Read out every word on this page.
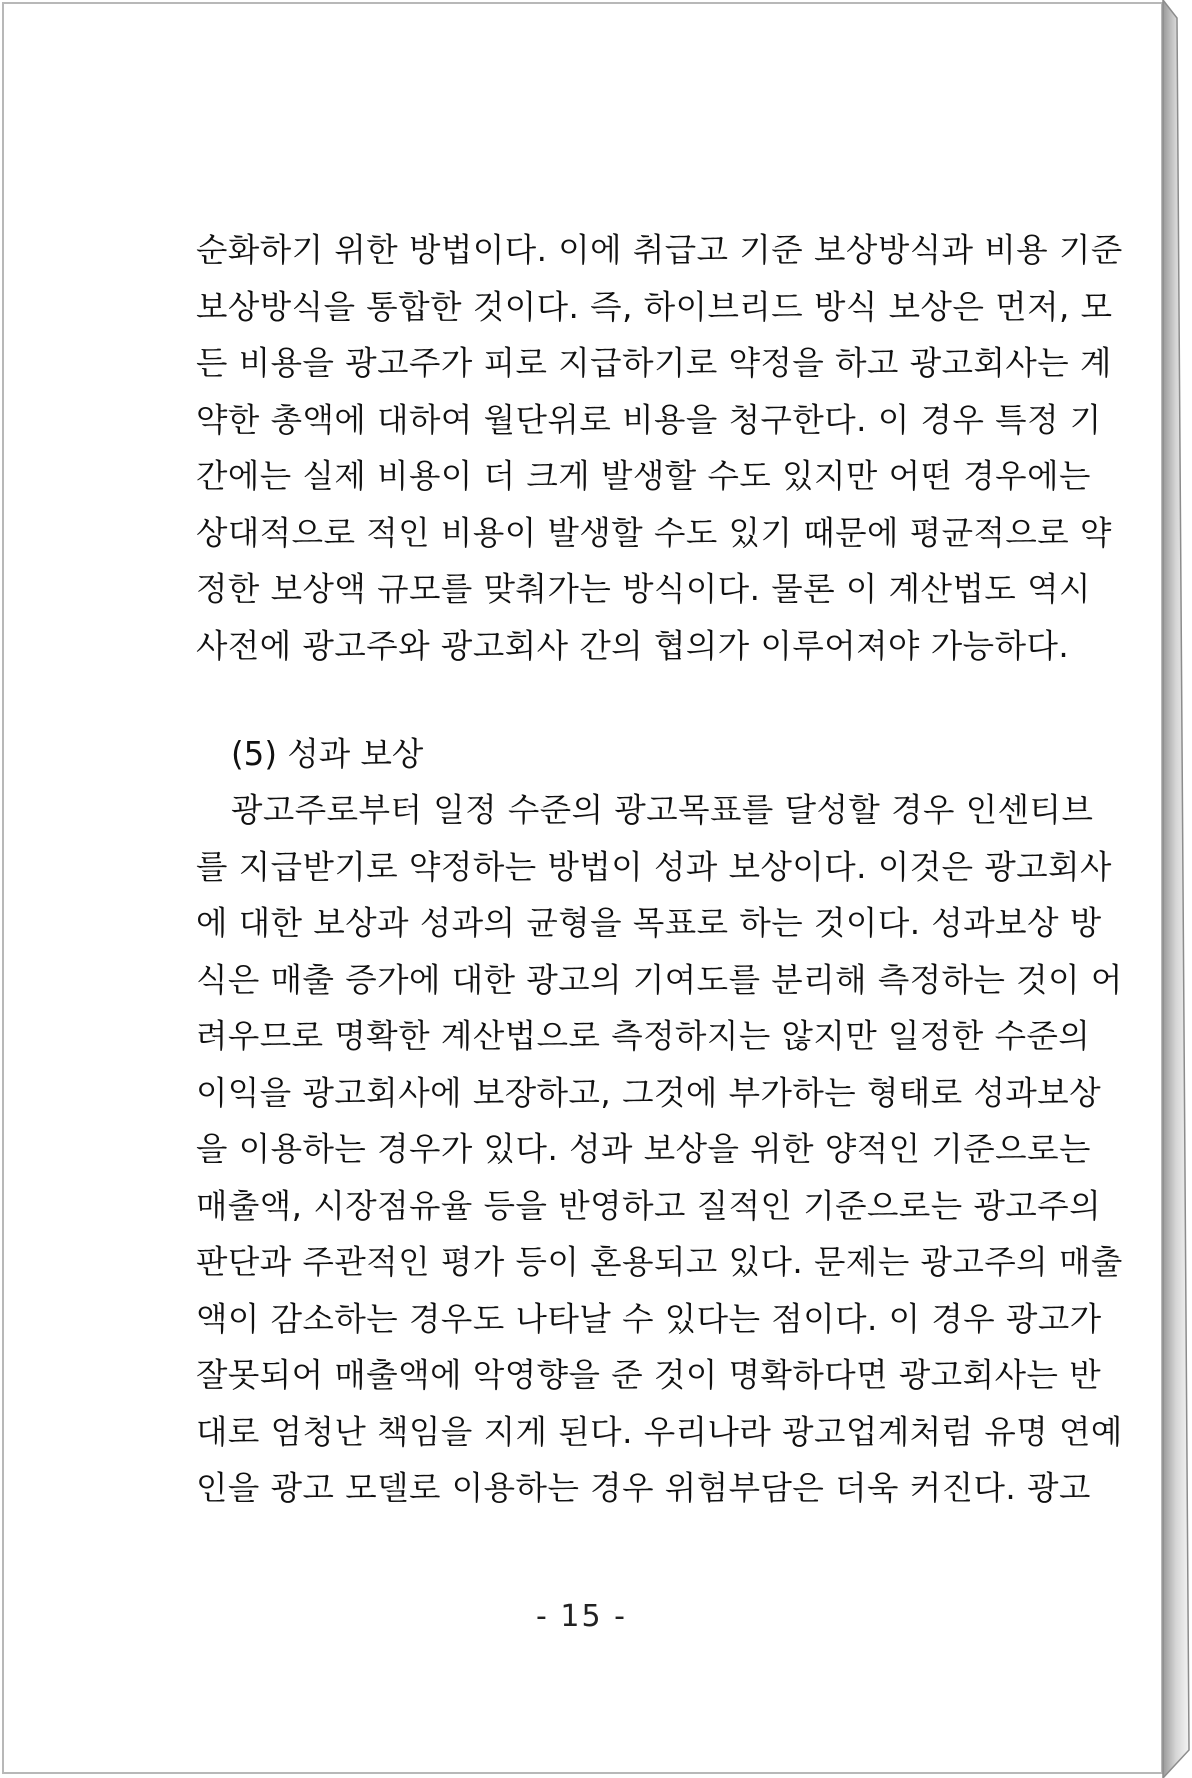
순화하기 위한 방법이다. 이에 취급고 기준 보상방식과 비용 기준
보상방식을 통합한 것이다. 즉, 하이브리드 방식 보상은 먼저, 모
든 비용을 광고주가 피로 지급하기로 약정을 하고 광고회사는 계
약한 총액에 대하여 월단위로 비용을 청구한다. 이 경우 특정 기
간에는 실제 비용이 더 크게 발생할 수도 있지만 어떤 경우에는
상대적으로 적인 비용이 발생할 수도 있기 때문에 평균적으로 약
정한 보상액 규모를 맞춰가는 방식이다. 물론 이 계산법도 역시
사전에 광고주와 광고회사 간의 협의가 이루어져야 가능하다.
(5) 성과 보상
광고주로부터 일정 수준의 광고목표를 달성할 경우 인센티브
를 지급받기로 약정하는 방법이 성과 보상이다. 이것은 광고회사
에 대한 보상과 성과의 균형을 목표로 하는 것이다. 성과보상 방
식은 매출 증가에 대한 광고의 기여도를 분리해 측정하는 것이 어
려우므로 명확한 계산법으로 측정하지는 않지만 일정한 수준의
이익을 광고회사에 보장하고, 그것에 부가하는 형태로 성과보상
을 이용하는 경우가 있다. 성과 보상을 위한 양적인 기준으로는
매출액, 시장점유율 등을 반영하고 질적인 기준으로는 광고주의
판단과 주관적인 평가 등이 혼용되고 있다. 문제는 광고주의 매출
액이 감소하는 경우도 나타날 수 있다는 점이다. 이 경우 광고가
잘못되어 매출액에 악영향을 준 것이 명확하다면 광고회사는 반
대로 엄청난 책임을 지게 된다. 우리나라 광고업계처럼 유명 연예
인을 광고 모델로 이용하는 경우 위험부담은 더욱 커진다. 광고
- 15 -
